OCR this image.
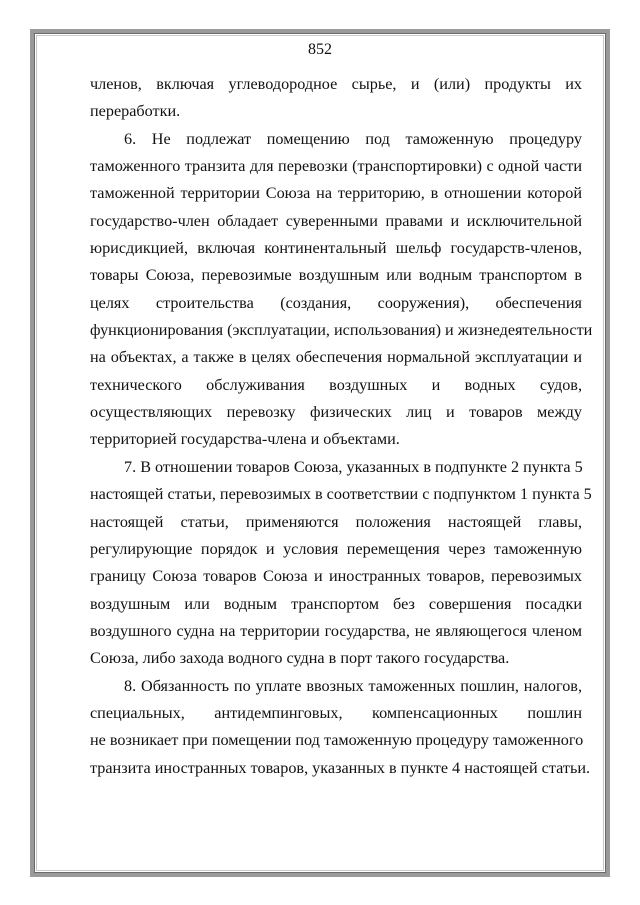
852
членов, включая углеводородное сырье, и (или) продукты их
переработки.
6. Не подлежат помещению под таможенную процедуру
таможенного транзита для перевозки (транспортировки) с одной части
таможенной территории Союза на территорию, в отношении которой
государство-член обладает суверенными правами и исключительной
юрисдикцией, включая континентальный шельф государств-членов,
товары Союза, перевозимые воздушным или водным транспортом в
целях строительства (создания, сооружения), обеспечения
функционирования (эксплуатации, использования) и жизнедеятельности
на объектах, а также в целях обеспечения нормальной эксплуатации и
технического обслуживания воздушных и водных судов,
осуществляющих перевозку физических лиц и товаров между
территорией государства-члена и объектами.
7. В отношении товаров Союза, указанных в подпункте 2 пункта 5
настоящей статьи, перевозимых в соответствии с подпунктом 1 пункта 5
настоящей статьи, применяются положения настоящей главы,
регулирующие порядок и условия перемещения через таможенную
границу Союза товаров Союза и иностранных товаров, перевозимых
воздушным или водным транспортом без совершения посадки
воздушного судна на территории государства, не являющегося членом
Союза, либо захода водного судна в порт такого государства.
8. Обязанность по уплате ввозных таможенных пошлин, налогов,
специальных, антидемпинговых, компенсационных пошлин
не возникает при помещении под таможенную процедуру таможенного
транзита иностранных товаров, указанных в пункте 4 настоящей статьи.
